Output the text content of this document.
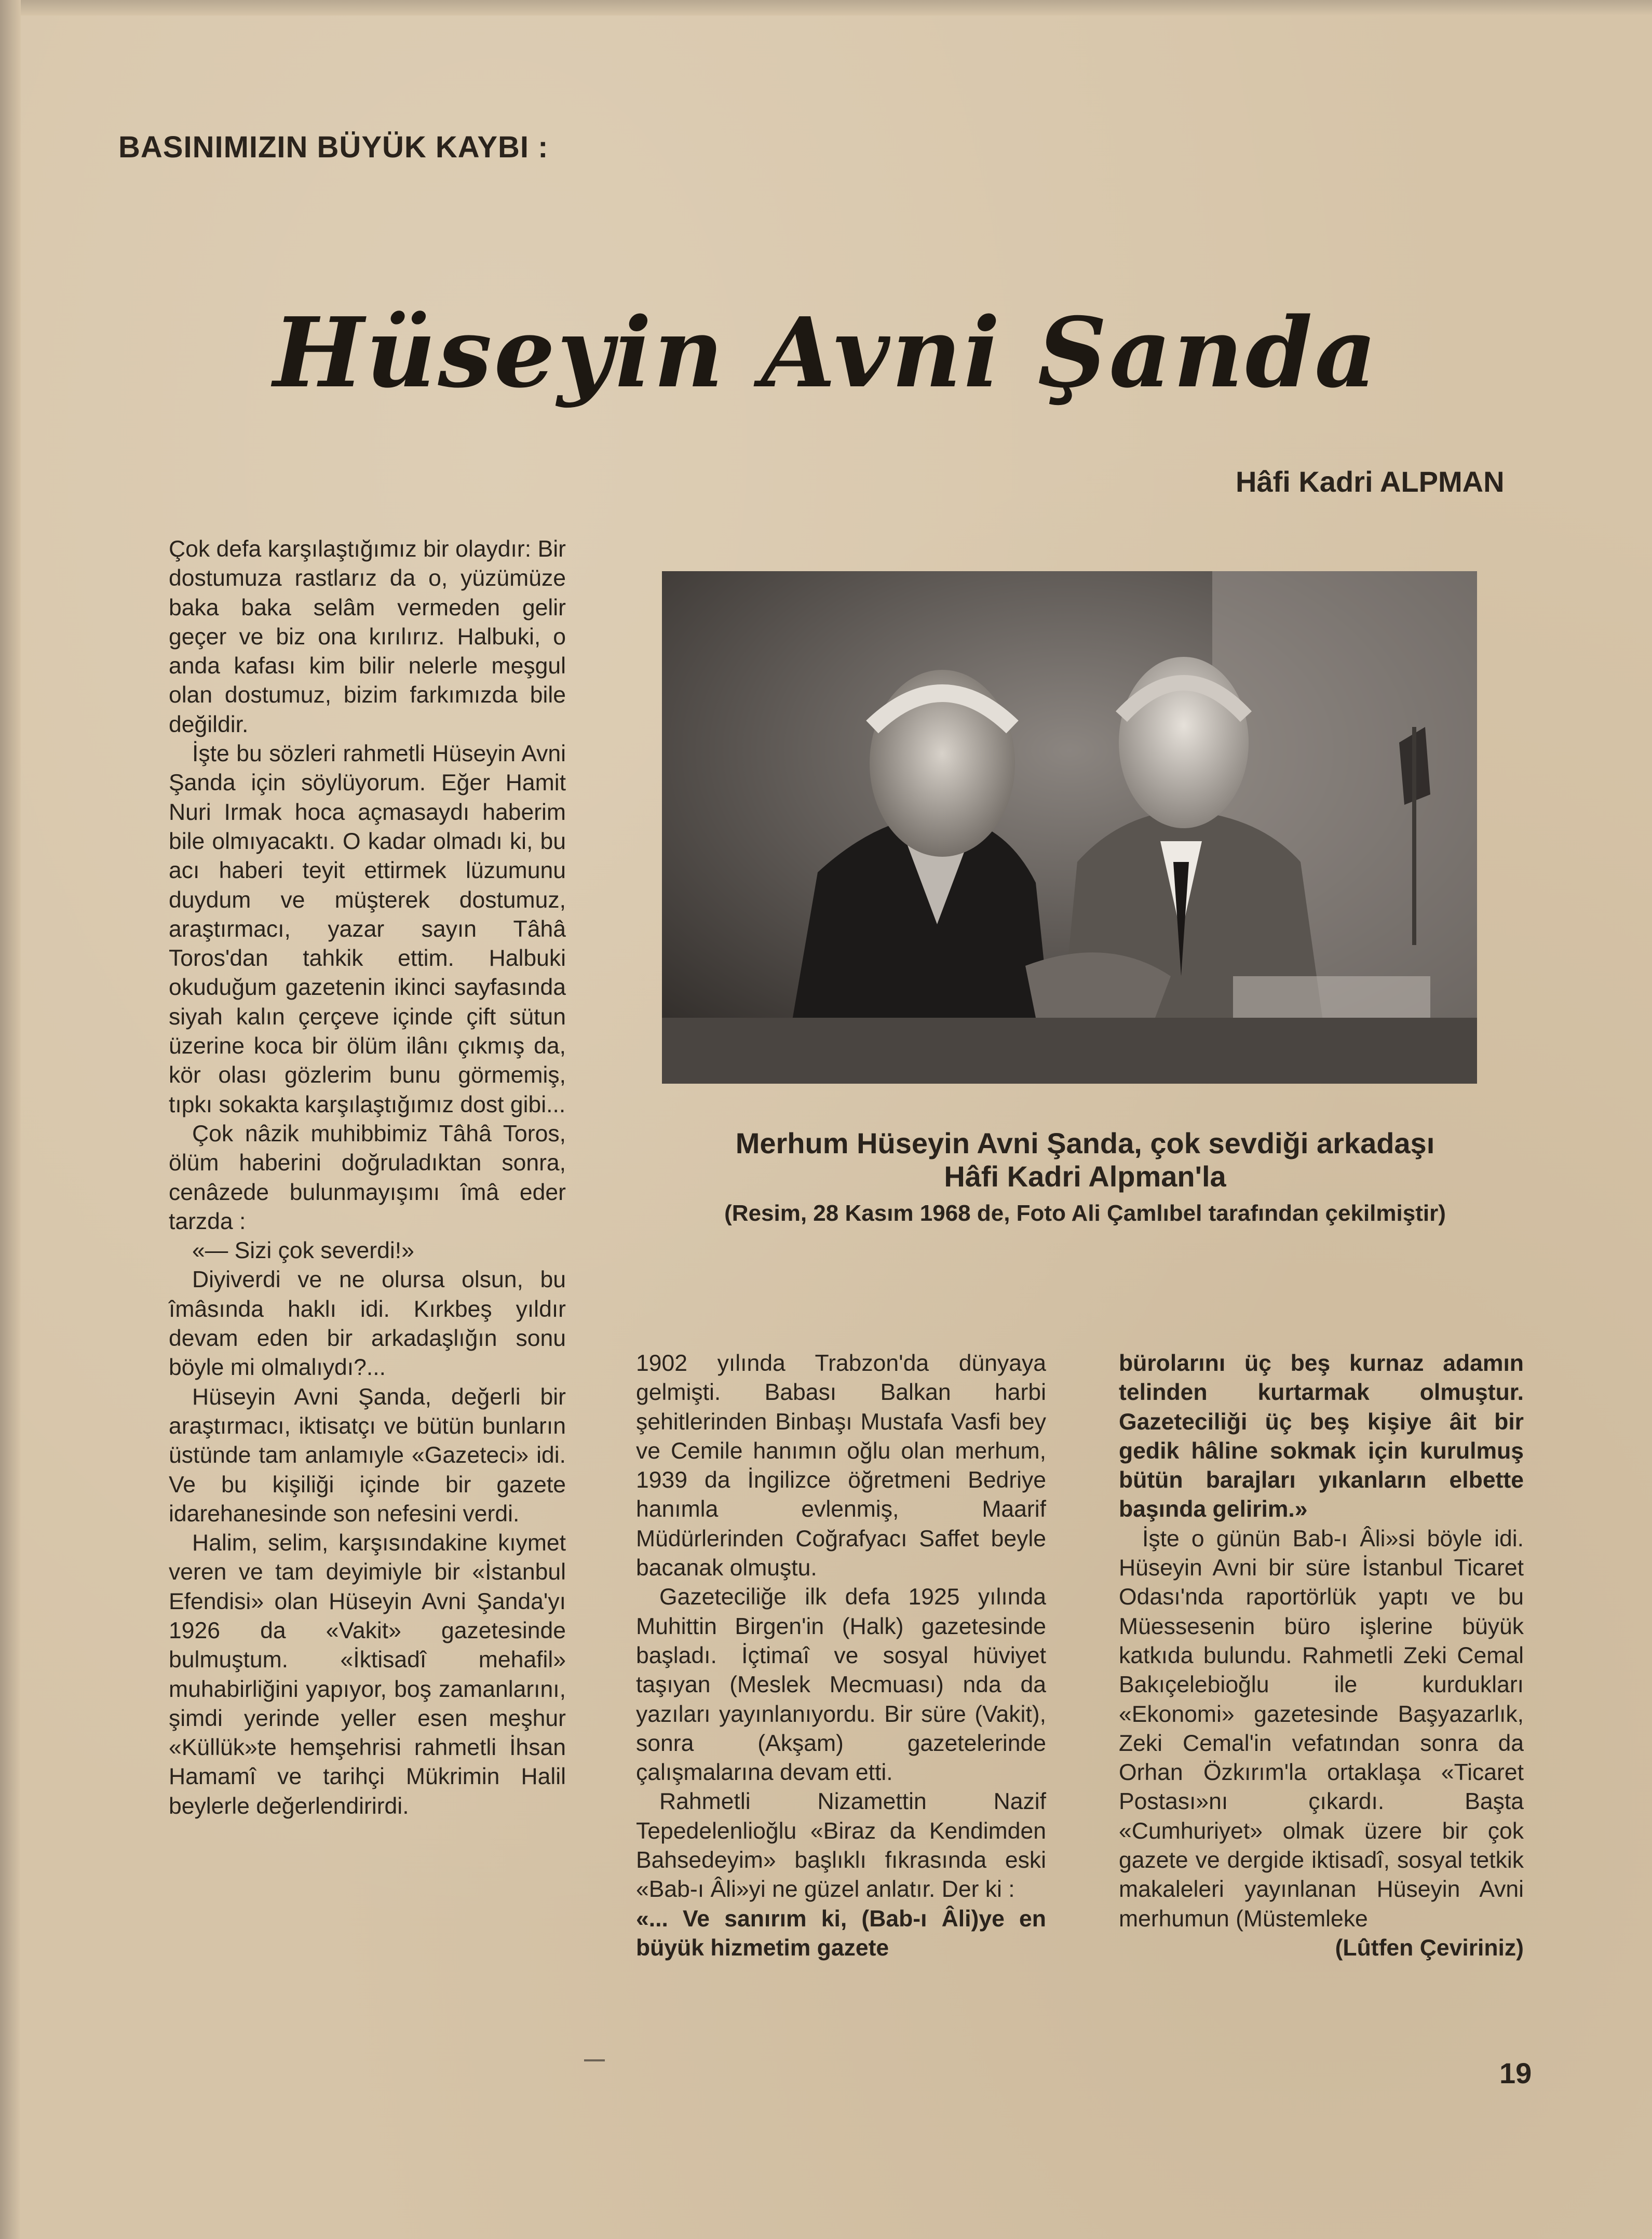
BASINIMIZIN BÜYÜK KAYBI :
Hüseyin Avni Şanda
Hâfi Kadri ALPMAN

Çok defa karşılaştığımız bir olaydır: Bir dostumuza rastlarız da o, yüzümüze baka baka selâm vermeden gelir geçer ve biz ona kırılırız. Halbuki, o anda kafası kim bilir nelerle meşgul olan dostumuz, bizim farkımızda bile değildir.

İşte bu sözleri rahmetli Hüseyin Avni Şanda için söylüyorum. Eğer Hamit Nuri Irmak hoca açmasaydı haberim bile olmıyacaktı. O kadar olmadı ki, bu acı haberi teyit ettirmek lüzumunu duydum ve müşterek dostumuz, araştırmacı, yazar sayın Tâhâ Toros'dan tahkik ettim. Halbuki okuduğum gazetenin ikinci sayfasında siyah kalın çerçeve içinde çift sütun üzerine koca bir ölüm ilânı çıkmış da, kör olası gözlerim bunu görmemiş, tıpkı sokakta karşılaştığımız dost gibi...

Çok nâzik muhibbimiz Tâhâ Toros, ölüm haberini doğruladıktan sonra, cenâzede bulunmayışımı îmâ eder tarzda :

«— Sizi çok severdi!»

Diyiverdi ve ne olursa olsun, bu îmâsında haklı idi. Kırkbeş yıldır devam eden bir arkadaşlığın sonu böyle mi olmalıydı?...

Hüseyin Avni Şanda, değerli bir araştırmacı, iktisatçı ve bütün bunların üstünde tam anlamıyle «Gazeteci» idi. Ve bu kişiliği içinde bir gazete idarehanesinde son nefesini verdi.

Halim, selim, karşısındakine kıymet veren ve tam deyimiyle bir «İstanbul Efendisi» olan Hüseyin Avni Şanda'yı 1926 da «Vakit» gazetesinde bulmuştum. «İktisadî mehafil» muhabirliğini yapıyor, boş zamanlarını, şimdi yerinde yeller esen meşhur «Küllük»te hemşehrisi rahmetli İhsan Hamamî ve tarihçi Mükrimin Halil beylerle değerlendirirdi.

Merhum Hüseyin Avni Şanda, çok sevdiği arkadaşı Hâfi Kadri Alpman'la
(Resim, 28 Kasım 1968 de, Foto Ali Çamlıbel tarafından çekilmiştir)

1902 yılında Trabzon'da dünyaya gelmişti. Babası Balkan harbi şehitlerinden Binbaşı Mustafa Vasfi bey ve Cemile hanımın oğlu olan merhum, 1939 da İngilizce öğretmeni Bedriye hanımla evlenmiş, Maarif Müdürlerinden Coğrafyacı Saffet beyle bacanak olmuştu.

Gazeteciliğe ilk defa 1925 yılında Muhittin Birgen'in (Halk) gazetesinde başladı. İçtimaî ve sosyal hüviyet taşıyan (Meslek Mecmuası) nda da yazıları yayınlanıyordu. Bir süre (Vakit), sonra (Akşam) gazetelerinde çalışmalarına devam etti.

Rahmetli Nizamettin Nazif Tepedelenlioğlu «Biraz da Kendimden Bahsedeyim» başlıklı fıkrasında eski «Bab-ı Âli»yi ne güzel anlatır. Der ki :

«... Ve sanırım ki, (Bab-ı Âli)ye en büyük hizmetim gazete

bürolarını üç beş kurnaz adamın telinden kurtarmak olmuştur. Gazeteciliği üç beş kişiye âit bir gedik hâline sokmak için kurulmuş bütün barajları yıkanların elbette başında gelirim.»

İşte o günün Bab-ı Âli»si böyle idi. Hüseyin Avni bir süre İstanbul Ticaret Odası'nda raportörlük yaptı ve bu Müessesenin büro işlerine büyük katkıda bulundu. Rahmetli Zeki Cemal Bakıçelebioğlu ile kurdukları «Ekonomi» gazetesinde Başyazarlık, Zeki Cemal'in vefatından sonra da Orhan Özkırım'la ortaklaşa «Ticaret Postası»nı çıkardı. Başta «Cumhuriyet» olmak üzere bir çok gazete ve dergide iktisadî, sosyal tetkik makaleleri yayınlanan Hüseyin Avni merhumun (Müstemleke

(Lûtfen Çeviriniz)

19
